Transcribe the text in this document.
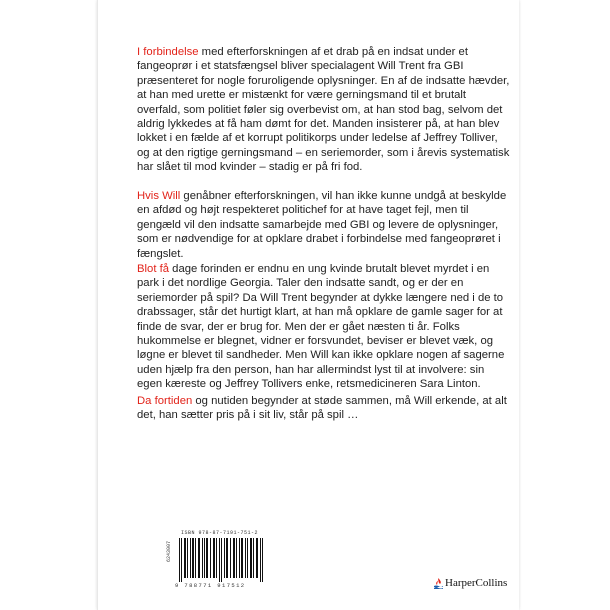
I forbindelse med efterforskningen af et drab på en indsat under et fangeoprør i et statsfængsel bliver specialagent Will Trent fra GBI præsenteret for nogle foruroligende oplysninger. En af de indsatte hævder, at han med urette er mistænkt for være gerningsmand til et brutalt overfald, som politiet føler sig overbevist om, at han stod bag, selvom det aldrig lykkedes at få ham dømt for det. Manden insisterer på, at han blev lokket i en fælde af et korrupt politikorps under ledelse af Jeffrey Tolliver, og at den rigtige gerningsmand – en seriemorder, som i årevis systematisk har slået til mod kvinder – stadig er på fri fod.

Hvis Will genåbner efterforskningen, vil han ikke kunne undgå at beskylde en afdød og højt respekteret politichef for at have taget fejl, men til gengæld vil den indsatte samarbejde med GBI og levere de oplysninger, som er nødvendige for at opklare drabet i forbindelse med fangeoprøret i fængslet.

Blot få dage forinden er endnu en ung kvinde brutalt blevet myrdet i en park i det nordlige Georgia. Taler den indsatte sandt, og er der en seriemorder på spil? Da Will Trent begynder at dykke længere ned i de to drabssager, står det hurtigt klart, at han må opklare de gamle sager for at finde de svar, der er brug for. Men der er gået næsten ti år. Folks hukommelse er blegnet, vidner er forsvundet, beviser er blevet væk, og løgne er blevet til sandheder. Men Will kan ikke opklare nogen af sagerne uden hjælp fra den person, han har allermindst lyst til at involvere: sin egen kæreste og Jeffrey Tollivers enke, retsmedicineren Sara Linton.

Da fortiden og nutiden begynder at støde sammen, må Will erkende, at alt det, han sætter pris på i sit liv, står på spil …

6243007
ISBN 978-87-7191-751-2
9 788771 917512	HarperCollins
